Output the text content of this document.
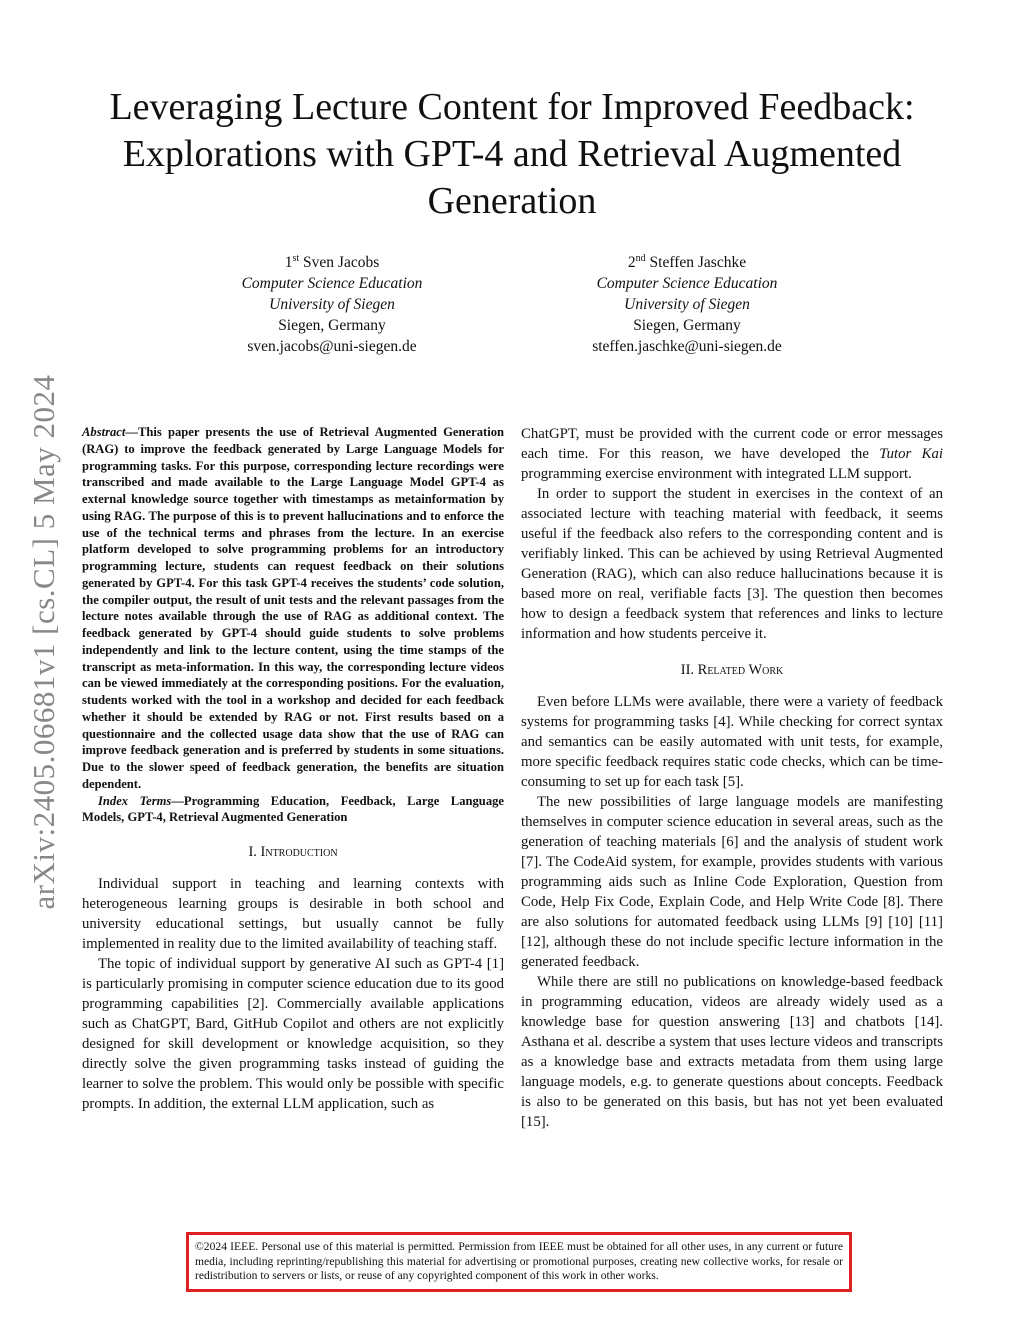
Leveraging Lecture Content for Improved Feedback: Explorations with GPT-4 and Retrieval Augmented Generation
1st Sven Jacobs
Computer Science Education
University of Siegen
Siegen, Germany
sven.jacobs@uni-siegen.de
2nd Steffen Jaschke
Computer Science Education
University of Siegen
Siegen, Germany
steffen.jaschke@uni-siegen.de
arXiv:2405.06681v1 [cs.CL] 5 May 2024 Abstract—This paper presents the use of Retrieval Augmented Generation (RAG) to improve the feedback generated by Large Language Models for programming tasks. For this purpose, corresponding lecture recordings were transcribed and made available to the Large Language Model GPT-4 as external knowledge source together with timestamps as metainformation by using RAG. The purpose of this is to prevent hallucinations and to enforce the use of the technical terms and phrases from the lecture. In an exercise platform developed to solve programming problems for an introductory programming lecture, students can request feedback on their solutions generated by GPT-4. For this task GPT-4 receives the students’ code solution, the compiler output, the result of unit tests and the relevant passages from the lecture notes available through the use of RAG as additional context. The feedback generated by GPT-4 should guide students to solve problems independently and link to the lecture content, using the time stamps of the transcript as meta-information. In this way, the corresponding lecture videos can be viewed immediately at the corresponding positions. For the evaluation, students worked with the tool in a workshop and decided for each feedback whether it should be extended by RAG or not. First results based on a questionnaire and the collected usage data show that the use of RAG can improve feedback generation and is preferred by students in some situations. Due to the slower speed of feedback generation, the benefits are situation dependent.

Index Terms—Programming Education, Feedback, Large Language Models, GPT-4, Retrieval Augmented Generation

I. Introduction

Individual support in teaching and learning contexts with heterogeneous learning groups is desirable in both school and university educational settings, but usually cannot be fully implemented in reality due to the limited availability of teaching staff.

The topic of individual support by generative AI such as GPT-4 [1] is particularly promising in computer science education due to its good programming capabilities [2]. Commercially available applications such as ChatGPT, Bard, GitHub Copilot and others are not explicitly designed for skill development or knowledge acquisition, so they directly solve the given programming tasks instead of guiding the learner to solve the problem. This would only be possible with specific prompts. In addition, the external LLM application, such as

ChatGPT, must be provided with the current code or error messages each time. For this reason, we have developed the Tutor Kai programming exercise environment with integrated LLM support.

In order to support the student in exercises in the context of an associated lecture with teaching material with feedback, it seems useful if the feedback also refers to the corresponding content and is verifiably linked. This can be achieved by using Retrieval Augmented Generation (RAG), which can also reduce hallucinations because it is based more on real, verifiable facts [3]. The question then becomes how to design a feedback system that references and links to lecture information and how students perceive it.

II. Related Work

Even before LLMs were available, there were a variety of feedback systems for programming tasks [4]. While checking for correct syntax and semantics can be easily automated with unit tests, for example, more specific feedback requires static code checks, which can be time-consuming to set up for each task [5].

The new possibilities of large language models are manifesting themselves in computer science education in several areas, such as the generation of teaching materials [6] and the analysis of student work [7]. The CodeAid system, for example, provides students with various programming aids such as Inline Code Exploration, Question from Code, Help Fix Code, Explain Code, and Help Write Code [8]. There are also solutions for automated feedback using LLMs [9] [10] [11] [12], although these do not include specific lecture information in the generated feedback.

While there are still no publications on knowledge-based feedback in programming education, videos are already widely used as a knowledge base for question answering [13] and chatbots [14]. Asthana et al. describe a system that uses lecture videos and transcripts as a knowledge base and extracts metadata from them using large language models, e.g. to generate questions about concepts. Feedback is also to be generated on this basis, but has not yet been evaluated [15].

©2024 IEEE. Personal use of this material is permitted. Permission from IEEE must be obtained for all other uses, in any current or future media, including reprinting/republishing this material for advertising or promotional purposes, creating new collective works, for resale or redistribution to servers or lists, or reuse of any copyrighted component of this work in other works.
